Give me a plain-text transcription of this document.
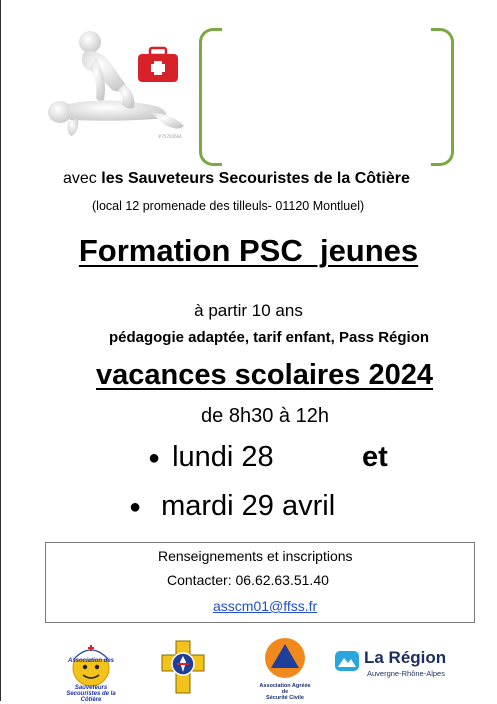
#75703664
avec les Sauveteurs Secouristes de la Côtière
(local 12 promenade des tilleuls- 01120 Montluel)
Formation PSC  jeunes
à partir 10 ans
pédagogie adaptée, tarif enfant, Pass Région
vacances scolaires 2024
de 8h30 à 12h
● lundi 28	et
● mardi 29 avril
Renseignements et inscriptions
Contacter: 06.62.63.51.40
asscm01@ffss.fr
Association des
Sauveteurs Secouristes de la Côtière
Association Agréée de
Sécurité Civile
La Région
Auvergne-Rhône-Alpes
